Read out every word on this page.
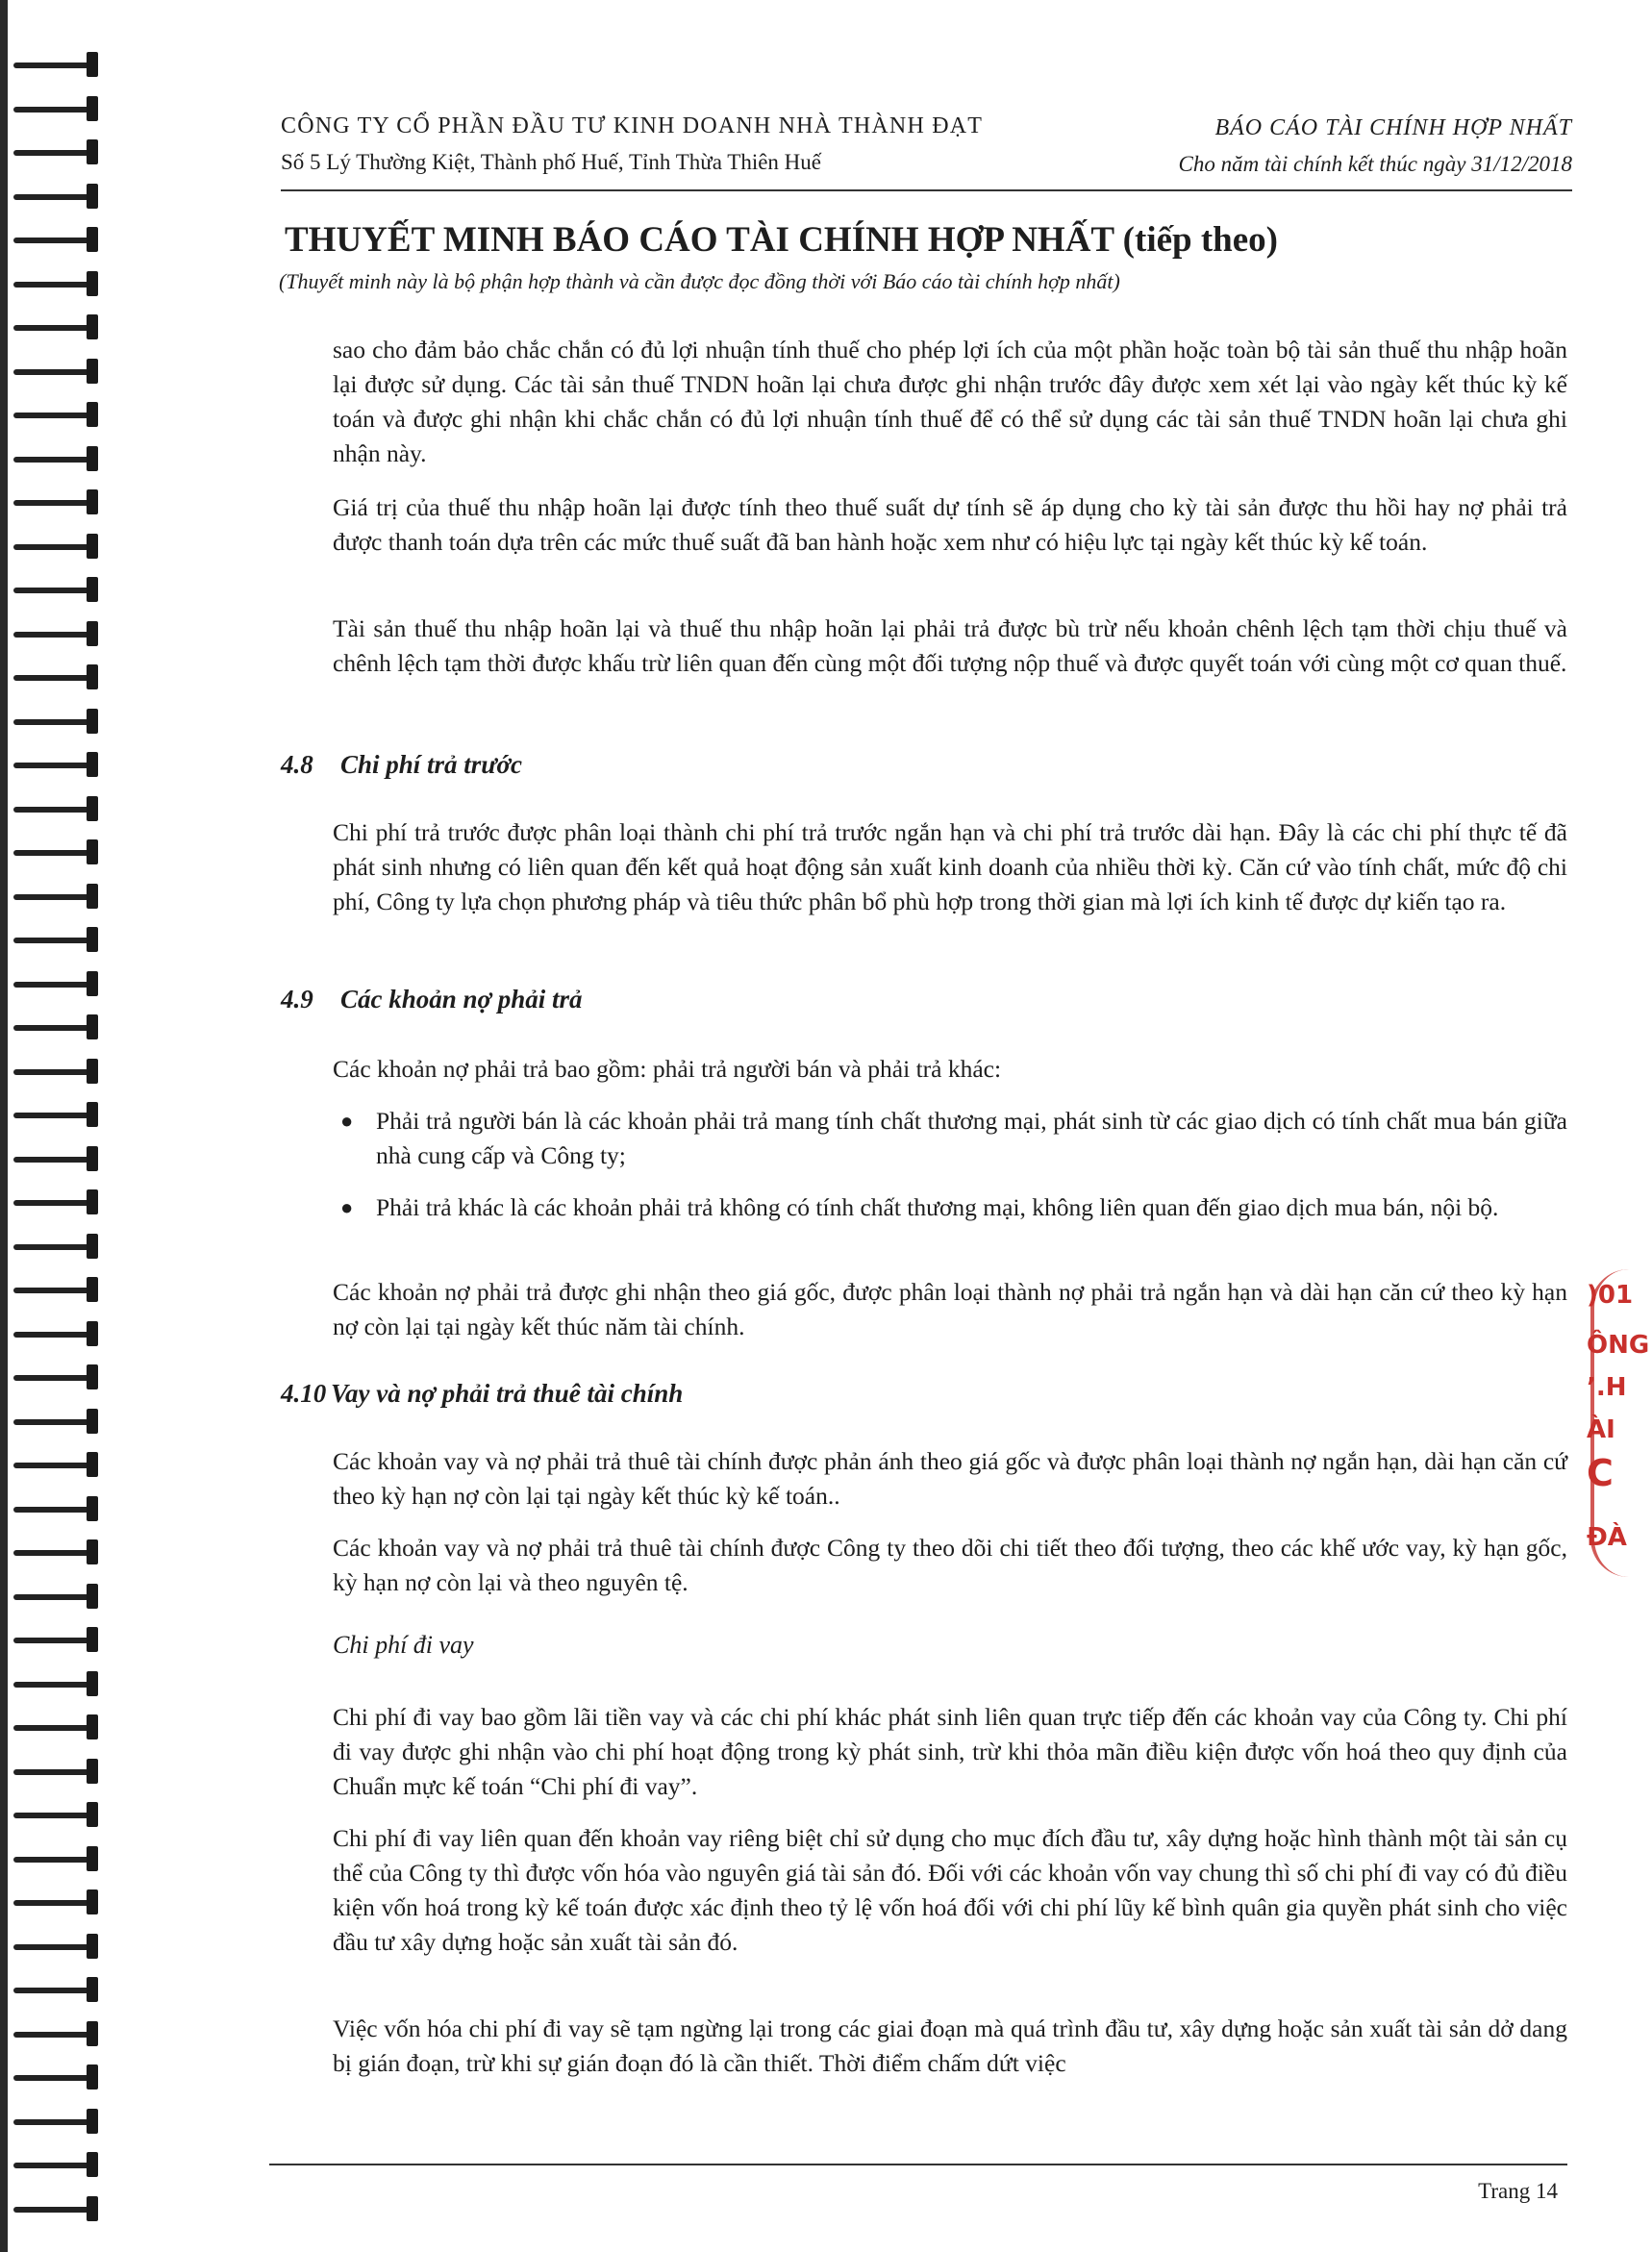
CÔNG TY CỔ PHẦN ĐẦU TƯ KINH DOANH NHÀ THÀNH ĐẠT	BÁO CÁO TÀI CHÍNH HỢP NHẤT
Số 5 Lý Thường Kiệt, Thành phố Huế, Tỉnh Thừa Thiên Huế	Cho năm tài chính kết thúc ngày 31/12/2018
THUYẾT MINH BÁO CÁO TÀI CHÍNH HỢP NHẤT (tiếp theo)
(Thuyết minh này là bộ phận hợp thành và cần được đọc đồng thời với Báo cáo tài chính hợp nhất)

sao cho đảm bảo chắc chắn có đủ lợi nhuận tính thuế cho phép lợi ích của một phần hoặc toàn bộ tài sản thuế thu nhập hoãn lại được sử dụng. Các tài sản thuế TNDN hoãn lại chưa được ghi nhận trước đây được xem xét lại vào ngày kết thúc kỳ kế toán và được ghi nhận khi chắc chắn có đủ lợi nhuận tính thuế để có thể sử dụng các tài sản thuế TNDN hoãn lại chưa ghi nhận này.

Giá trị của thuế thu nhập hoãn lại được tính theo thuế suất dự tính sẽ áp dụng cho kỳ tài sản được thu hồi hay nợ phải trả được thanh toán dựa trên các mức thuế suất đã ban hành hoặc xem như có hiệu lực tại ngày kết thúc kỳ kế toán.

Tài sản thuế thu nhập hoãn lại và thuế thu nhập hoãn lại phải trả được bù trừ nếu khoản chênh lệch tạm thời chịu thuế và chênh lệch tạm thời được khấu trừ liên quan đến cùng một đối tượng nộp thuế và được quyết toán với cùng một cơ quan thuế.

4.8 Chi phí trả trước

Chi phí trả trước được phân loại thành chi phí trả trước ngắn hạn và chi phí trả trước dài hạn. Đây là các chi phí thực tế đã phát sinh nhưng có liên quan đến kết quả hoạt động sản xuất kinh doanh của nhiều thời kỳ. Căn cứ vào tính chất, mức độ chi phí, Công ty lựa chọn phương pháp và tiêu thức phân bổ phù hợp trong thời gian mà lợi ích kinh tế được dự kiến tạo ra.

4.9 Các khoản nợ phải trả

Các khoản nợ phải trả bao gồm: phải trả người bán và phải trả khác:

● Phải trả người bán là các khoản phải trả mang tính chất thương mại, phát sinh từ các giao dịch có tính chất mua bán giữa nhà cung cấp và Công ty;

● Phải trả khác là các khoản phải trả không có tính chất thương mại, không liên quan đến giao dịch mua bán, nội bộ.

Các khoản nợ phải trả được ghi nhận theo giá gốc, được phân loại thành nợ phải trả ngắn hạn và dài hạn căn cứ theo kỳ hạn nợ còn lại tại ngày kết thúc năm tài chính.

4.10 Vay và nợ phải trả thuê tài chính

Các khoản vay và nợ phải trả thuê tài chính được phản ánh theo giá gốc và được phân loại thành nợ ngắn hạn, dài hạn căn cứ theo kỳ hạn nợ còn lại tại ngày kết thúc kỳ kế toán..

Các khoản vay và nợ phải trả thuê tài chính được Công ty theo dõi chi tiết theo đối tượng, theo các khế ước vay, kỳ hạn gốc, kỳ hạn nợ còn lại và theo nguyên tệ.

Chi phí đi vay

Chi phí đi vay bao gồm lãi tiền vay và các chi phí khác phát sinh liên quan trực tiếp đến các khoản vay của Công ty. Chi phí đi vay được ghi nhận vào chi phí hoạt động trong kỳ phát sinh, trừ khi thỏa mãn điều kiện được vốn hoá theo quy định của Chuẩn mực kế toán “Chi phí đi vay”.

Chi phí đi vay liên quan đến khoản vay riêng biệt chỉ sử dụng cho mục đích đầu tư, xây dựng hoặc hình thành một tài sản cụ thể của Công ty thì được vốn hóa vào nguyên giá tài sản đó. Đối với các khoản vốn vay chung thì số chi phí đi vay có đủ điều kiện vốn hoá trong kỳ kế toán được xác định theo tỷ lệ vốn hoá đối với chi phí lũy kế bình quân gia quyền phát sinh cho việc đầu tư xây dựng hoặc sản xuất tài sản đó.

Việc vốn hóa chi phí đi vay sẽ tạm ngừng lại trong các giai đoạn mà quá trình đầu tư, xây dựng hoặc sản xuất tài sản dở dang bị gián đoạn, trừ khi sự gián đoạn đó là cần thiết. Thời điểm chấm dứt việc

)01
ÔNG
’.H
ÀI
C
ĐÀ
Trang 14
